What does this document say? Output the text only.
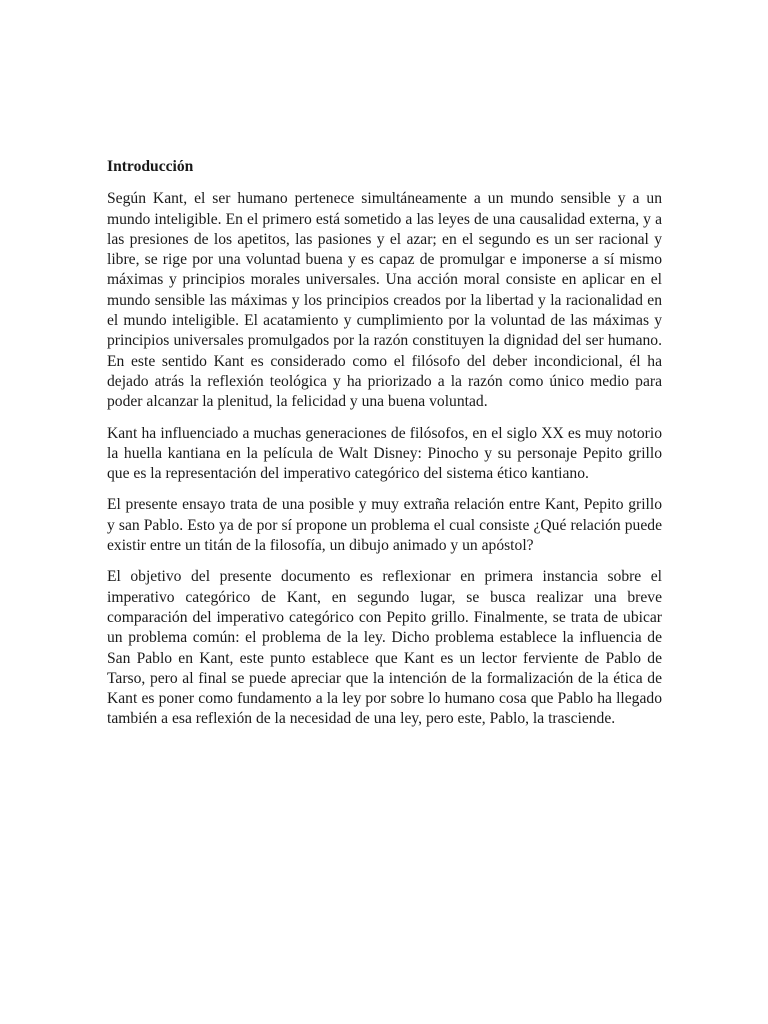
Introducción

Según Kant, el ser humano pertenece simultáneamente a un mundo sensible y a un mundo inteligible. En el primero está sometido a las leyes de una causalidad externa, y a las presiones de los apetitos, las pasiones y el azar; en el segundo es un ser racional y libre, se rige por una voluntad buena y es capaz de promulgar e imponerse a sí mismo máximas y principios morales universales. Una acción moral consiste en aplicar en el mundo sensible las máximas y los principios creados por la libertad y la racionalidad en el mundo inteligible. El acatamiento y cumplimiento por la voluntad de las máximas y principios universales promulgados por la razón constituyen la dignidad del ser humano. En este sentido Kant es considerado como el filósofo del deber incondicional, él ha dejado atrás la reflexión teológica y ha priorizado a la razón como único medio para poder alcanzar la plenitud, la felicidad y una buena voluntad.

Kant ha influenciado a muchas generaciones de filósofos, en el siglo XX es muy notorio la huella kantiana en la película de Walt Disney: Pinocho y su personaje Pepito grillo que es la representación del imperativo categórico del sistema ético kantiano.

El presente ensayo trata de una posible y muy extraña relación entre Kant, Pepito grillo y san Pablo. Esto ya de por sí propone un problema el cual consiste ¿Qué relación puede existir entre un titán de la filosofía, un dibujo animado y un apóstol?

El objetivo del presente documento es reflexionar en primera instancia sobre el imperativo categórico de Kant, en segundo lugar, se busca realizar una breve comparación del imperativo categórico con Pepito grillo. Finalmente, se trata de ubicar un problema común: el problema de la ley. Dicho problema establece la influencia de San Pablo en Kant, este punto establece que Kant es un lector ferviente de Pablo de Tarso, pero al final se puede apreciar que la intención de la formalización de la ética de Kant es poner como fundamento a la ley por sobre lo humano cosa que Pablo ha llegado también a esa reflexión de la necesidad de una ley, pero este, Pablo, la trasciende.
